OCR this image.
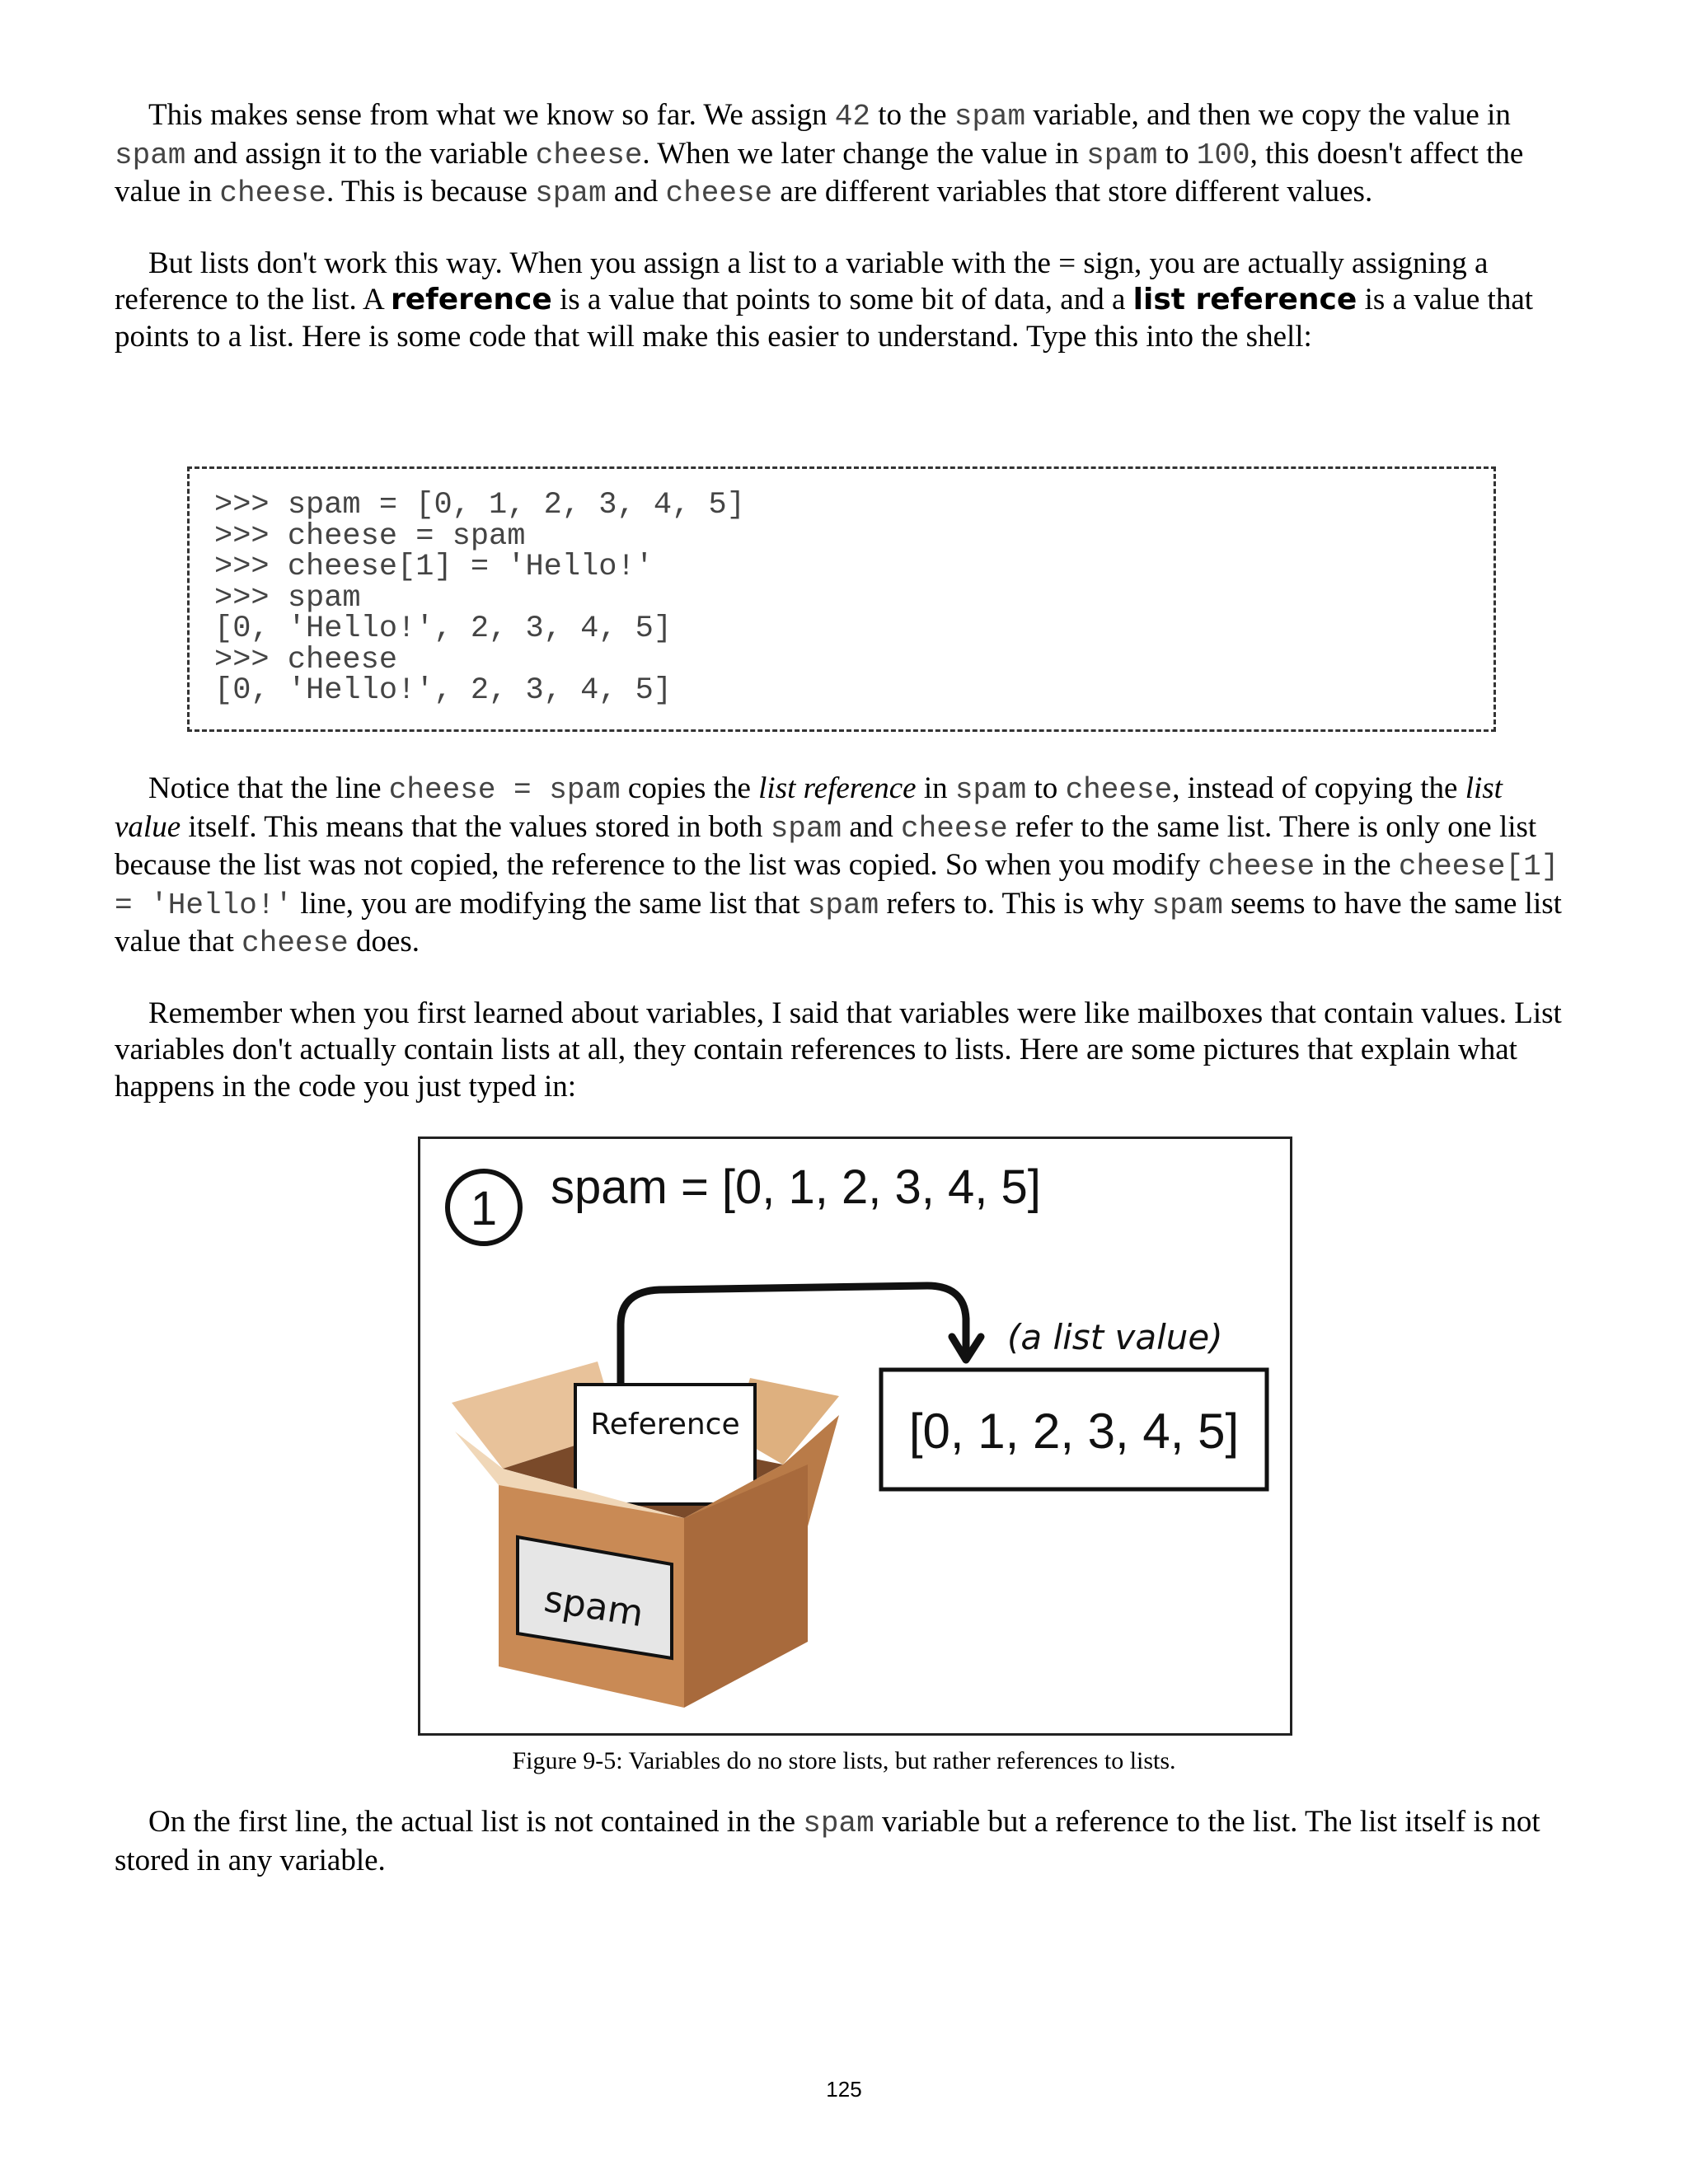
This makes sense from what we know so far. We assign 42 to the spam variable, and then we copy the value in spam and assign it to the variable cheese. When we later change the value in spam to 100, this doesn't affect the value in cheese. This is because spam and cheese are different variables that store different values.

But lists don't work this way. When you assign a list to a variable with the = sign, you are actually assigning a reference to the list. A reference is a value that points to some bit of data, and a list reference is a value that points to a list. Here is some code that will make this easier to understand. Type this into the shell:

>>> spam = [0, 1, 2, 3, 4, 5]
>>> cheese = spam
>>> cheese[1] = 'Hello!'
>>> spam
[0, 'Hello!', 2, 3, 4, 5]
>>> cheese
[0, 'Hello!', 2, 3, 4, 5]

Notice that the line cheese = spam copies the list reference in spam to cheese, instead of copying the list value itself. This means that the values stored in both spam and cheese refer to the same list. There is only one list because the list was not copied, the reference to the list was copied. So when you modify cheese in the cheese[1] = 'Hello!' line, you are modifying the same list that spam refers to. This is why spam seems to have the same list value that cheese does.

Remember when you first learned about variables, I said that variables were like mailboxes that contain values. List variables don't actually contain lists at all, they contain references to lists. Here are some pictures that explain what happens in the code you just typed in:

1 spam = [0, 1, 2, 3, 4, 5]
(a list value)
[0, 1, 2, 3, 4, 5]
Reference
spam
Figure 9-5: Variables do no store lists, but rather references to lists.

On the first line, the actual list is not contained in the spam variable but a reference to the list. The list itself is not stored in any variable.

125
